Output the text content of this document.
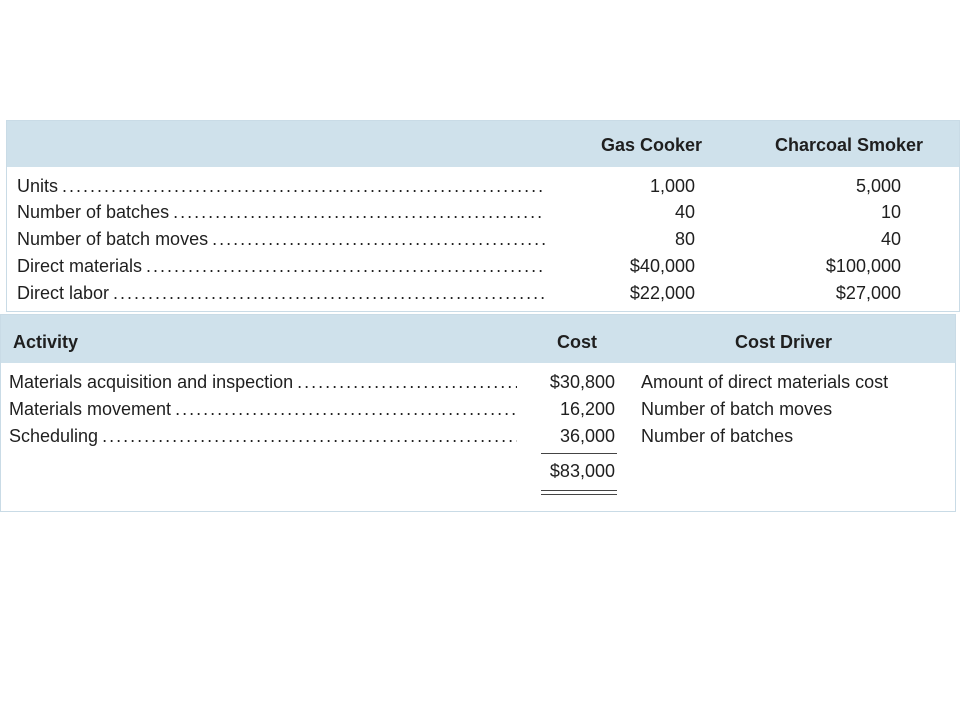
Gas Cooker	Charcoal Smoker
Units .....	1,000	5,000
Number of batches .....	40	10
Number of batch moves .....	80	40
Direct materials .....	$40,000	$100,000
Direct labor .....	$22,000	$27,000
Activity	Cost	Cost Driver
Materials acquisition and inspection .....	$30,800 Amount of direct materials cost
Materials movement .....	16,200 Number of batch moves
Scheduling .....	36,000 Number of batches
$83,000
